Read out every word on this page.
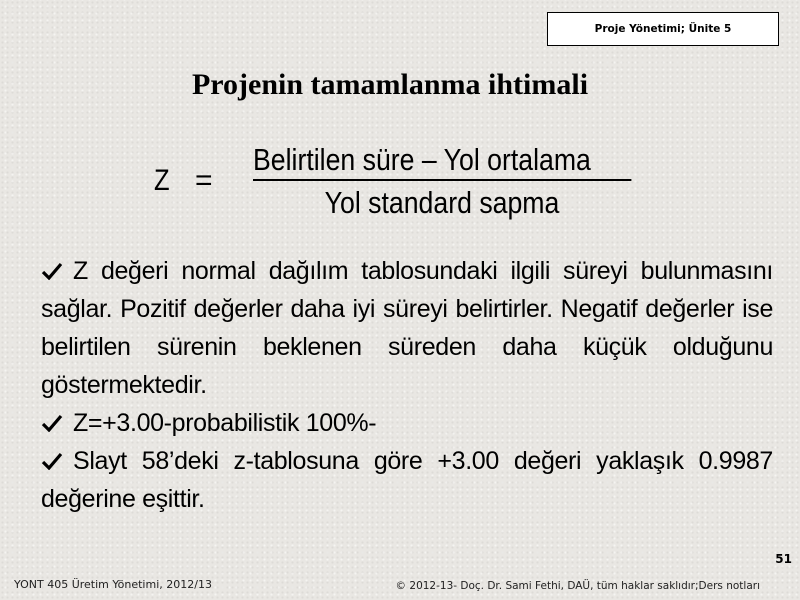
Proje Yönetimi; Ünite 5
Projenin tamamlanma ihtimali
Z =
Belirtilen süre – Yol ortalama
Yol standard sapma
Z değeri normal dağılım tablosundaki ilgili süreyi bulunmasını sağlar. Pozitif değerler daha iyi süreyi belirtirler. Negatif değerler ise belirtilen sürenin beklenen süreden daha küçük olduğunu göstermektedir.
Z=+3.00-probabilistik 100%-
Slayt 58’deki z-tablosuna göre +3.00 değeri yaklaşık 0.9987 değerine eşittir.
51
YONT 405 Üretim Yönetimi, 2012/13	© 2012-13- Doç. Dr. Sami Fethi, DAÜ, tüm haklar saklıdır;Ders notları
